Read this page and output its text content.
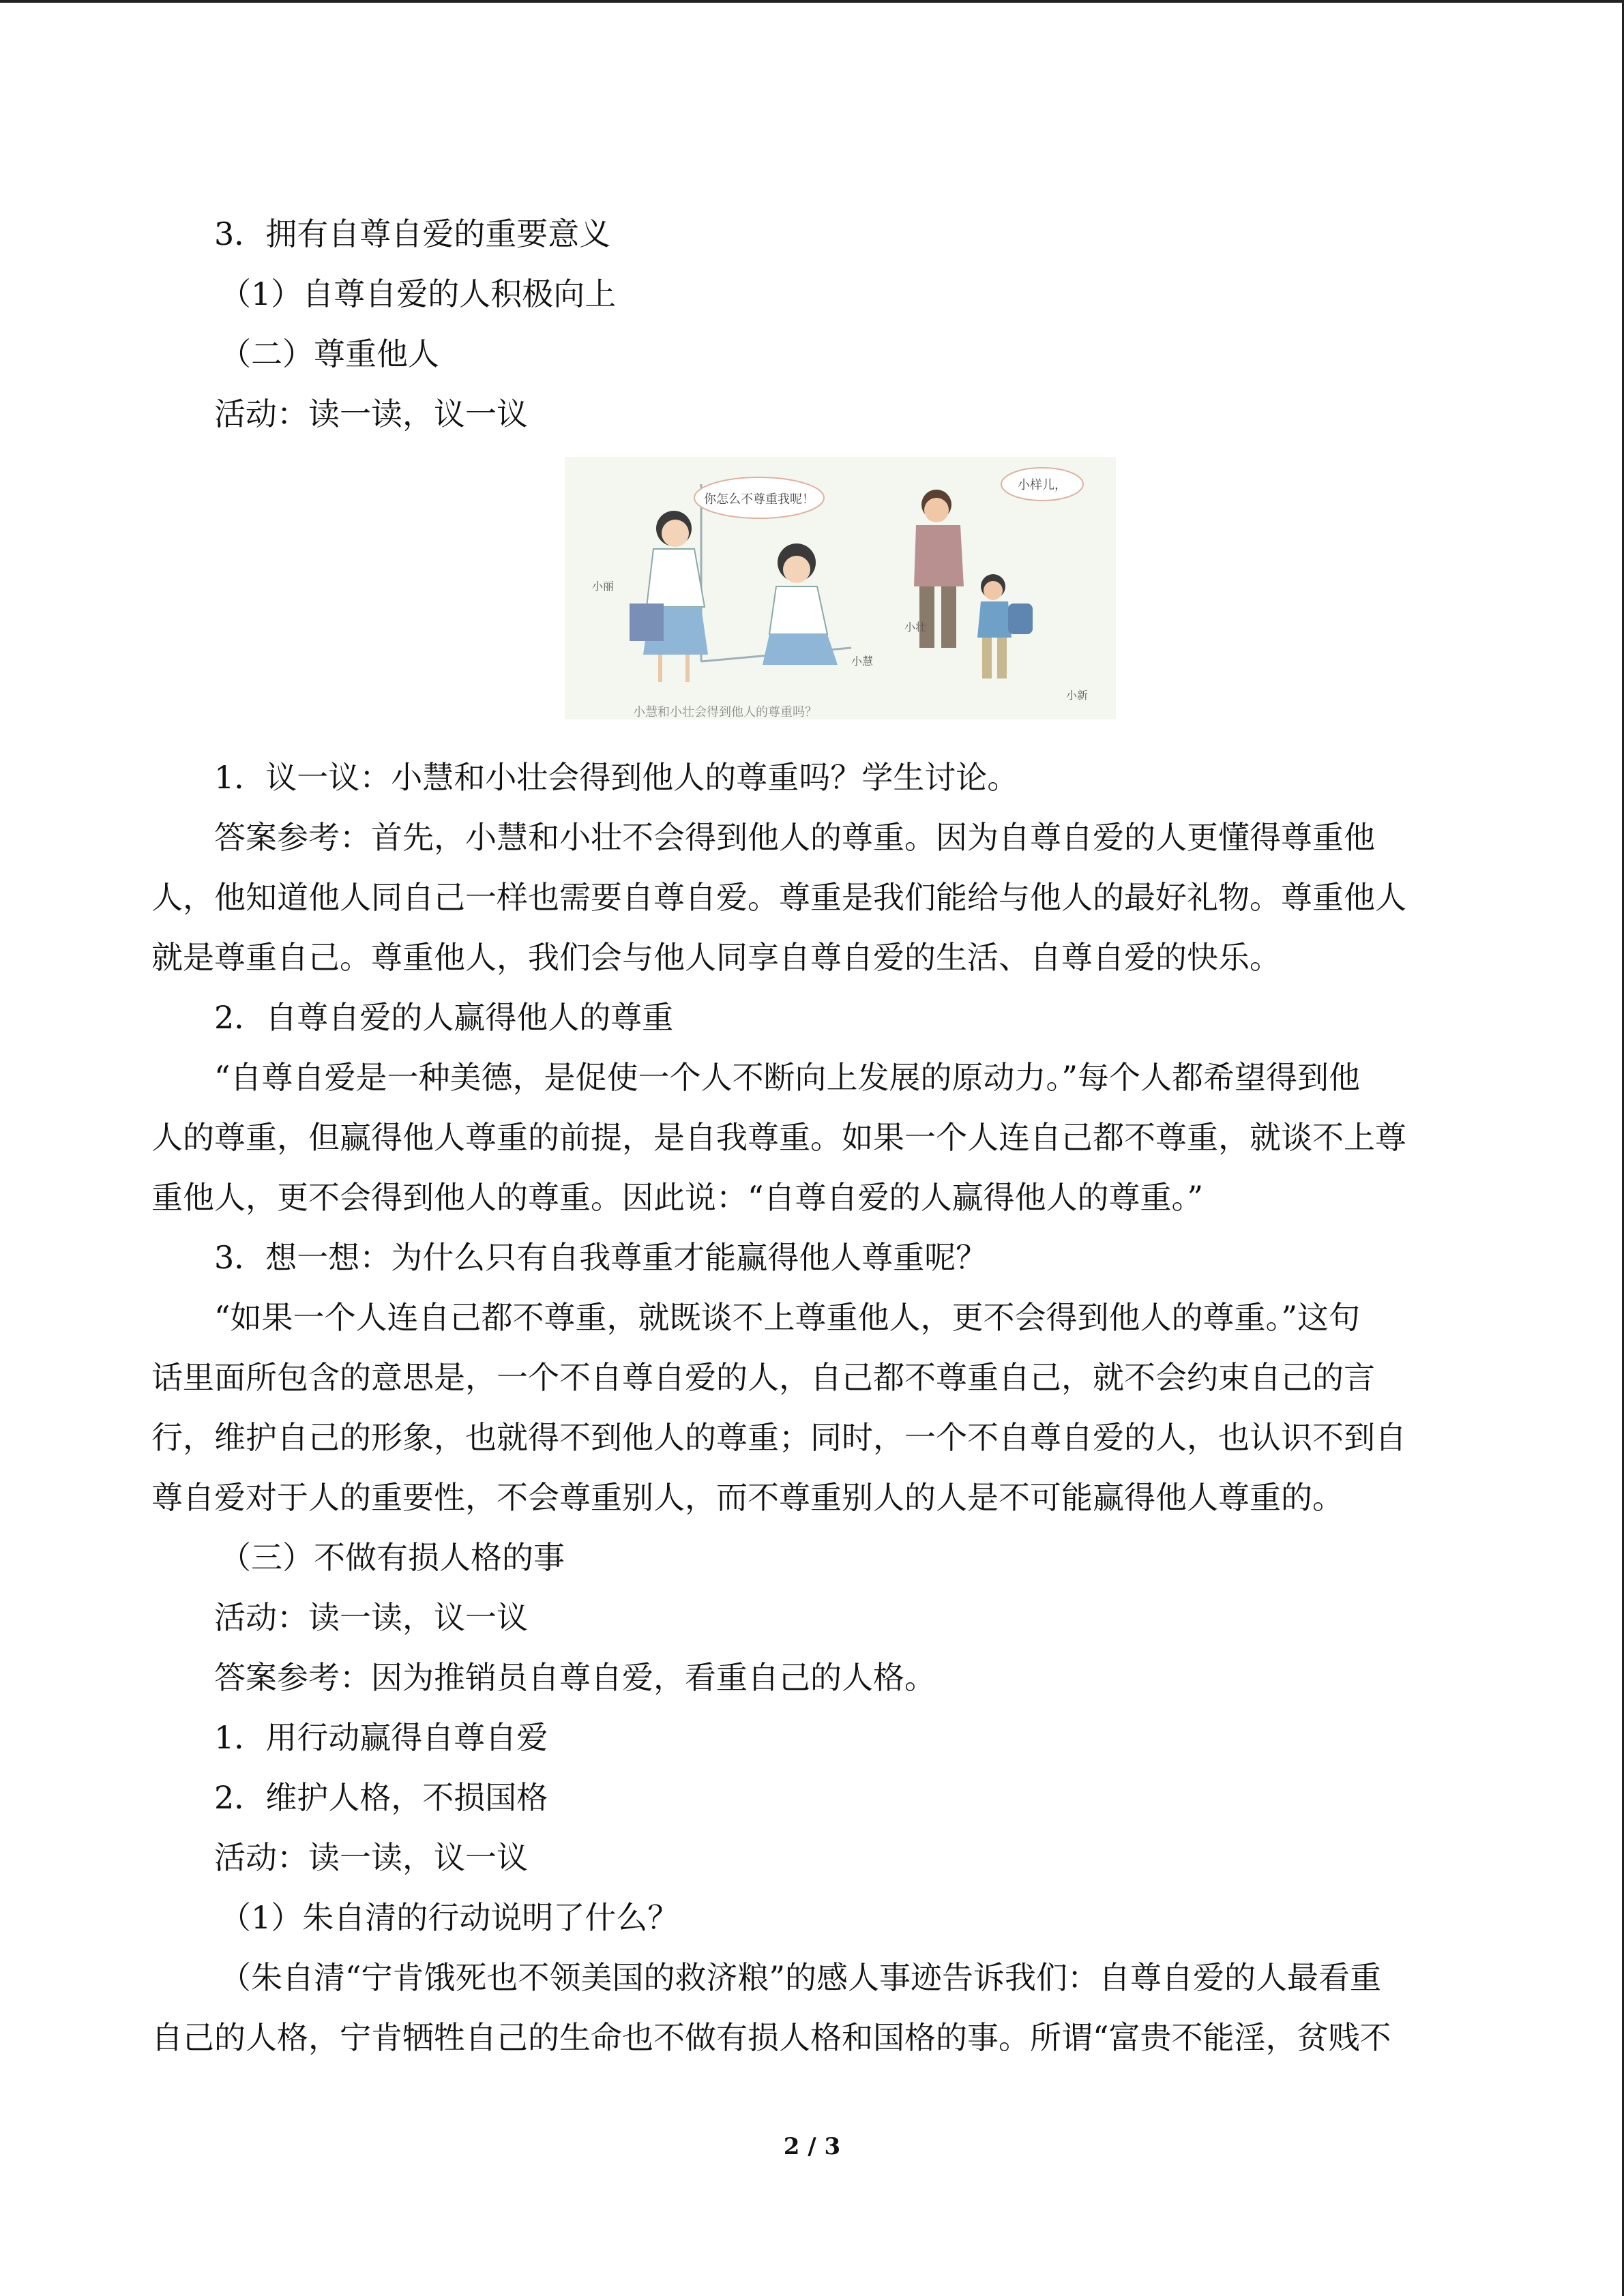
3．拥有自尊自爱的重要意义
（1）自尊自爱的人积极向上
（二）尊重他人
活动：读一读，议一议
你怎么不尊重我呢！
小样儿，
小丽
小慧
小壮
小新
小慧和小壮会得到他人的尊重吗？
1．议一议：小慧和小壮会得到他人的尊重吗？学生讨论。
答案参考：首先，小慧和小壮不会得到他人的尊重。因为自尊自爱的人更懂得尊重他
人，他知道他人同自己一样也需要自尊自爱。尊重是我们能给与他人的最好礼物。尊重他人
就是尊重自己。尊重他人，我们会与他人同享自尊自爱的生活、自尊自爱的快乐。
2．自尊自爱的人赢得他人的尊重
“自尊自爱是一种美德，是促使一个人不断向上发展的原动力。”每个人都希望得到他
人的尊重，但赢得他人尊重的前提，是自我尊重。如果一个人连自己都不尊重，就谈不上尊
重他人，更不会得到他人的尊重。因此说：“自尊自爱的人赢得他人的尊重。”
3．想一想：为什么只有自我尊重才能赢得他人尊重呢？
“如果一个人连自己都不尊重，就既谈不上尊重他人，更不会得到他人的尊重。”这句
话里面所包含的意思是，一个不自尊自爱的人，自己都不尊重自己，就不会约束自己的言
行，维护自己的形象，也就得不到他人的尊重；同时，一个不自尊自爱的人，也认识不到自
尊自爱对于人的重要性，不会尊重别人，而不尊重别人的人是不可能赢得他人尊重的。
（三）不做有损人格的事
活动：读一读，议一议
答案参考：因为推销员自尊自爱，看重自己的人格。
1．用行动赢得自尊自爱
2．维护人格，不损国格
活动：读一读，议一议
（1）朱自清的行动说明了什么？
（朱自清“宁肯饿死也不领美国的救济粮”的感人事迹告诉我们：自尊自爱的人最看重
自己的人格，宁肯牺牲自己的生命也不做有损人格和国格的事。所谓“富贵不能淫，贫贱不
2 / 3
